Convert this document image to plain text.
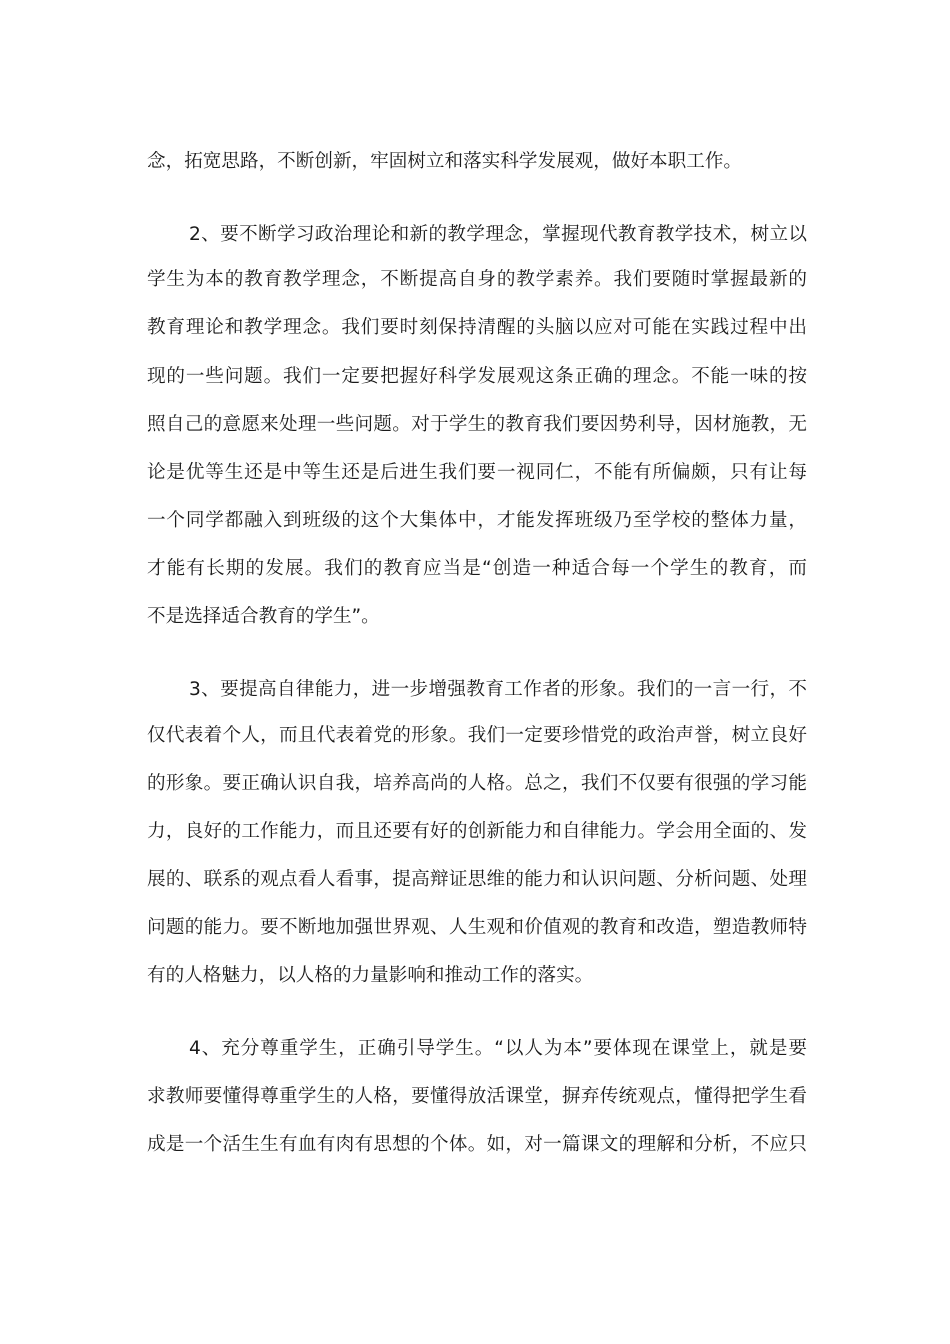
念，拓宽思路，不断创新，牢固树立和落实科学发展观，做好本职工作。
2、要不断学习政治理论和新的教学理念，掌握现代教育教学技术，树立以
学生为本的教育教学理念，不断提高自身的教学素养。我们要随时掌握最新的
教育理论和教学理念。我们要时刻保持清醒的头脑以应对可能在实践过程中出
现的一些问题。我们一定要把握好科学发展观这条正确的理念。不能一味的按
照自己的意愿来处理一些问题。对于学生的教育我们要因势利导，因材施教，无
论是优等生还是中等生还是后进生我们要一视同仁，不能有所偏颇，只有让每
一个同学都融入到班级的这个大集体中，才能发挥班级乃至学校的整体力量，
才能有长期的发展。我们的教育应当是“创造一种适合每一个学生的教育，而
不是选择适合教育的学生”。
3、要提高自律能力，进一步增强教育工作者的形象。我们的一言一行，不
仅代表着个人，而且代表着党的形象。我们一定要珍惜党的政治声誉，树立良好
的形象。要正确认识自我，培养高尚的人格。总之，我们不仅要有很强的学习能
力，良好的工作能力，而且还要有好的创新能力和自律能力。学会用全面的、发
展的、联系的观点看人看事，提高辩证思维的能力和认识问题、分析问题、处理
问题的能力。要不断地加强世界观、人生观和价值观的教育和改造，塑造教师特
有的人格魅力，以人格的力量影响和推动工作的落实。
4、充分尊重学生，正确引导学生。“以人为本”要体现在课堂上，就是要
求教师要懂得尊重学生的人格，要懂得放活课堂，摒弃传统观点，懂得把学生看
成是一个活生生有血有肉有思想的个体。如，对一篇课文的理解和分析，不应只
